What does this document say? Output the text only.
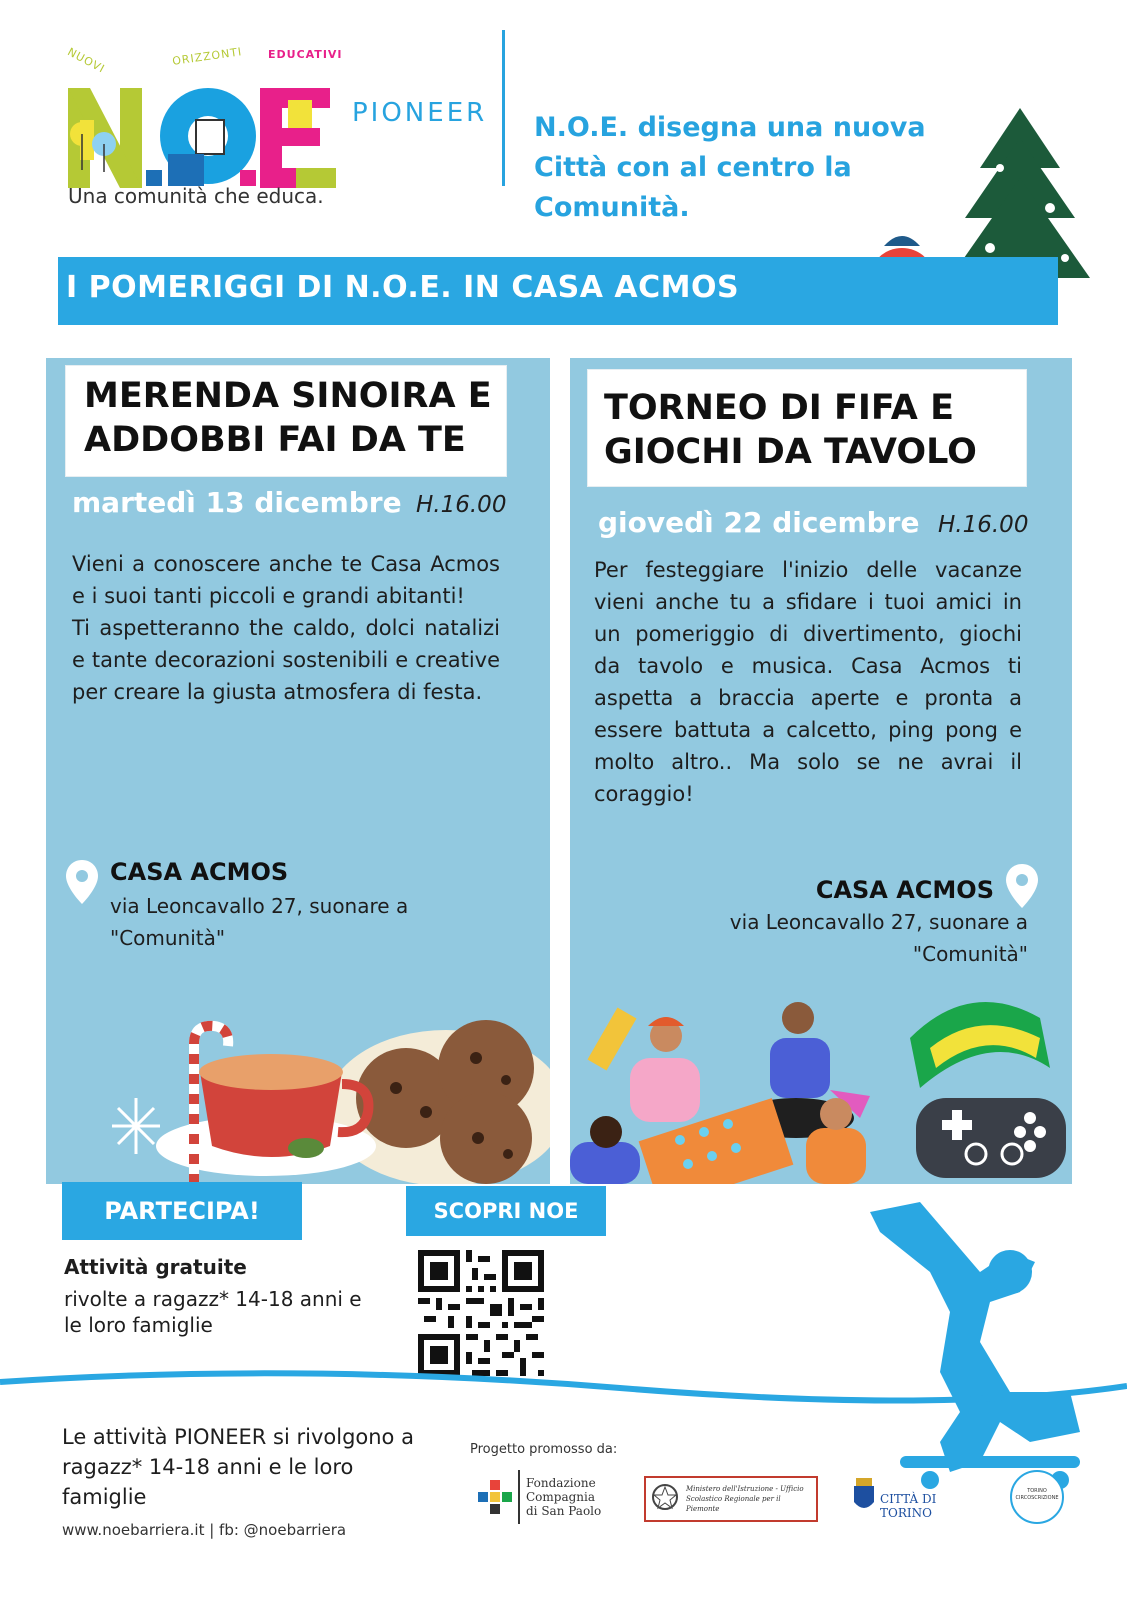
NUOVI	ORIZZONTI EDUCATIVI
PIONEER
Una comunità che educa.
N.O.E. disegna una nuova Città con al centro la Comunità.
I POMERIGGI DI N.O.E. IN CASA ACMOS
MERENDA SINOIRA E ADDOBBI FAI DA TE
martedì 13 dicembre H.16.00
Vieni a conoscere anche te Casa Acmos e i suoi tanti piccoli e grandi abitanti!
Ti aspetteranno the caldo, dolci natalizi e tante decorazioni sostenibili e creative per creare la giusta atmosfera di festa.
CASA ACMOS
via Leoncavallo 27, suonare a "Comunità"
TORNEO DI FIFA E GIOCHI DA TAVOLO
giovedì 22 dicembre H.16.00
Per festeggiare l'inizio delle vacanze vieni anche tu a sfidare i tuoi amici in un pomeriggio di divertimento, giochi da tavolo e musica. Casa Acmos ti aspetta a braccia aperte e pronta a essere battuta a calcetto, ping pong e molto altro.. Ma solo se ne avrai il coraggio!
CASA ACMOS
via Leoncavallo 27, suonare a "Comunità"
PARTECIPA!
Attività gratuite
rivolte a ragazz* 14-18 anni e le loro famiglie
SCOPRI NOE
Le attività PIONEER si rivolgono a ragazz* 14-18 anni e le loro famiglie
www.noebarriera.it | fb: @noebarriera
Progetto promosso da:
Fondazione Compagnia di San Paolo
Ministero dell'Istruzione - Ufficio Scolastico Regionale per il Piemonte
CITTÀ DI TORINO
TORINO CIRCOSCRIZIONE
